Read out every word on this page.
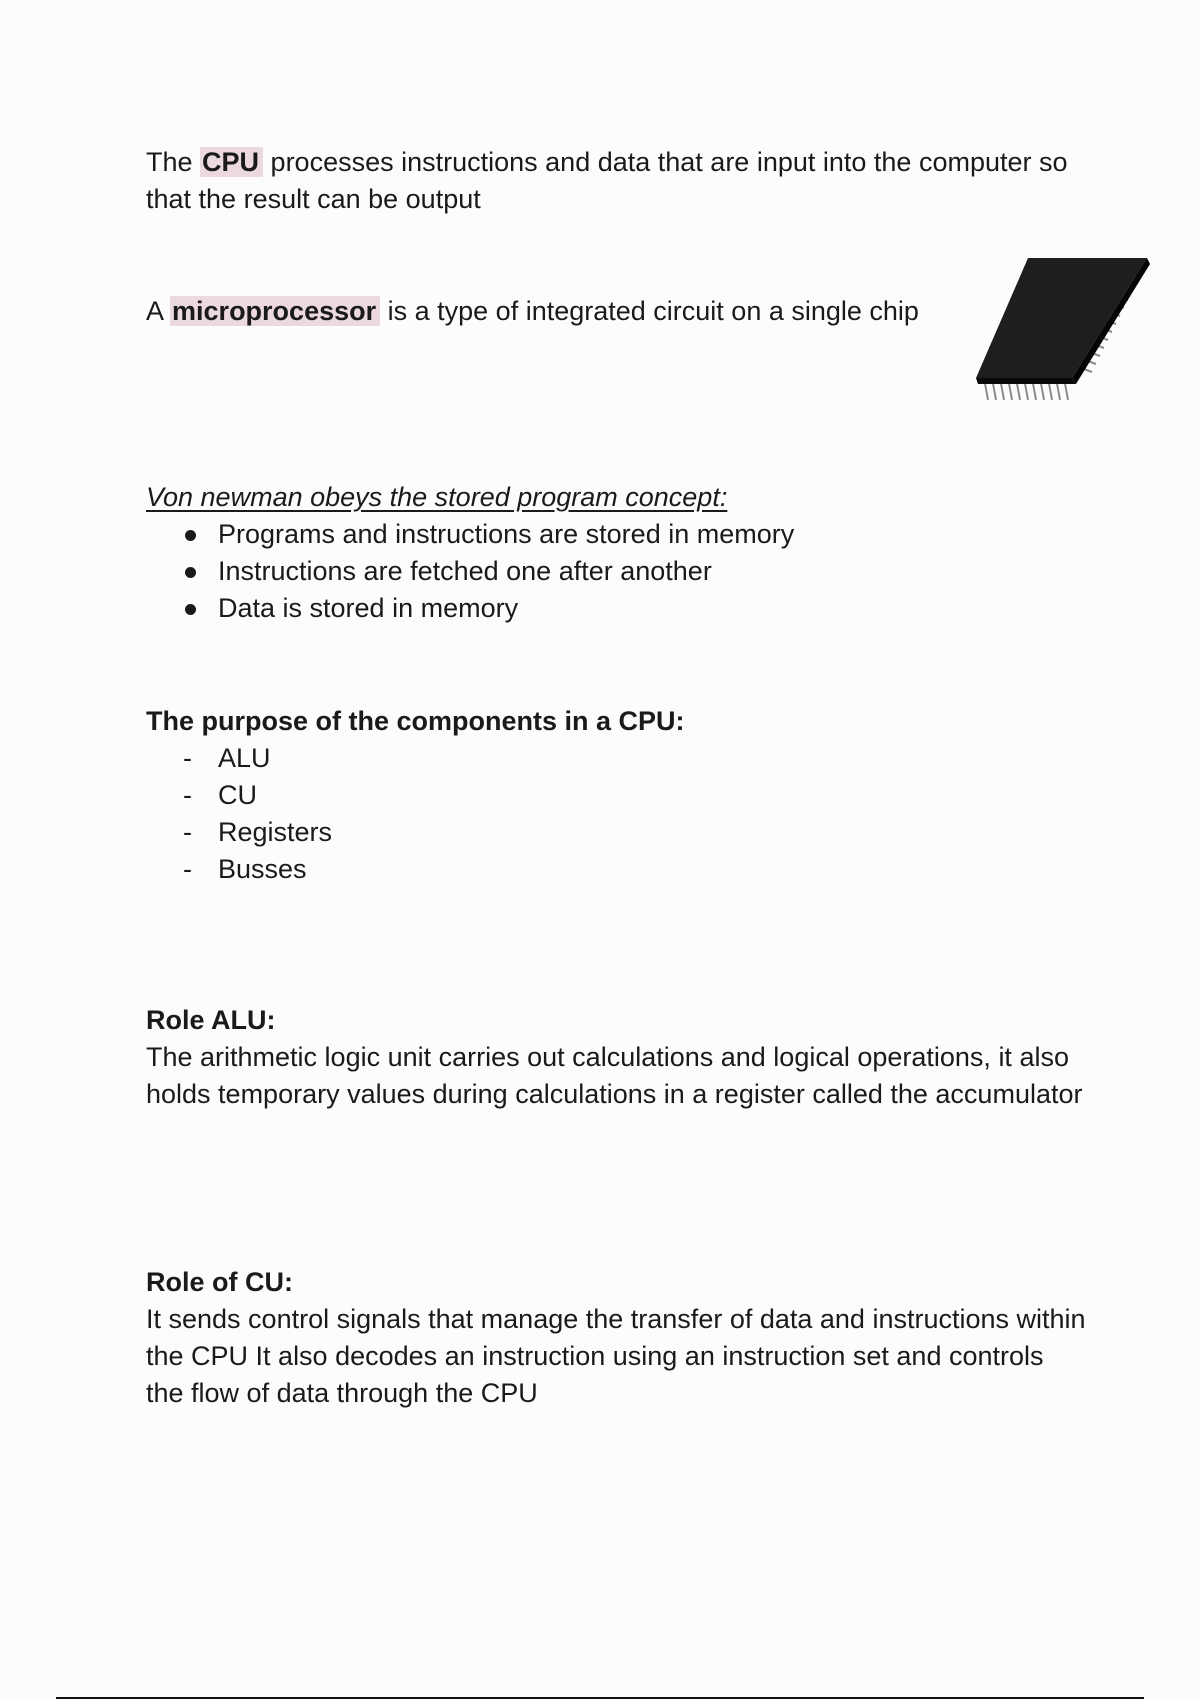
The CPU processes instructions and data that are input into the computer so that the result can be output

A microprocessor is a type of integrated circuit on a single chip

Von newman obeys the stored program concept:
Programs and instructions are stored in memory
Instructions are fetched one after another
Data is stored in memory
The purpose of the components in a CPU:
- ALU
- CU
- Registers
- Busses
Role ALU:
The arithmetic logic unit carries out calculations and logical operations, it also holds temporary values during calculations in a register called the accumulator
Role of CU:
It sends control signals that manage the transfer of data and instructions within the CPU It also decodes an instruction using an instruction set and controls the flow of data through the CPU
